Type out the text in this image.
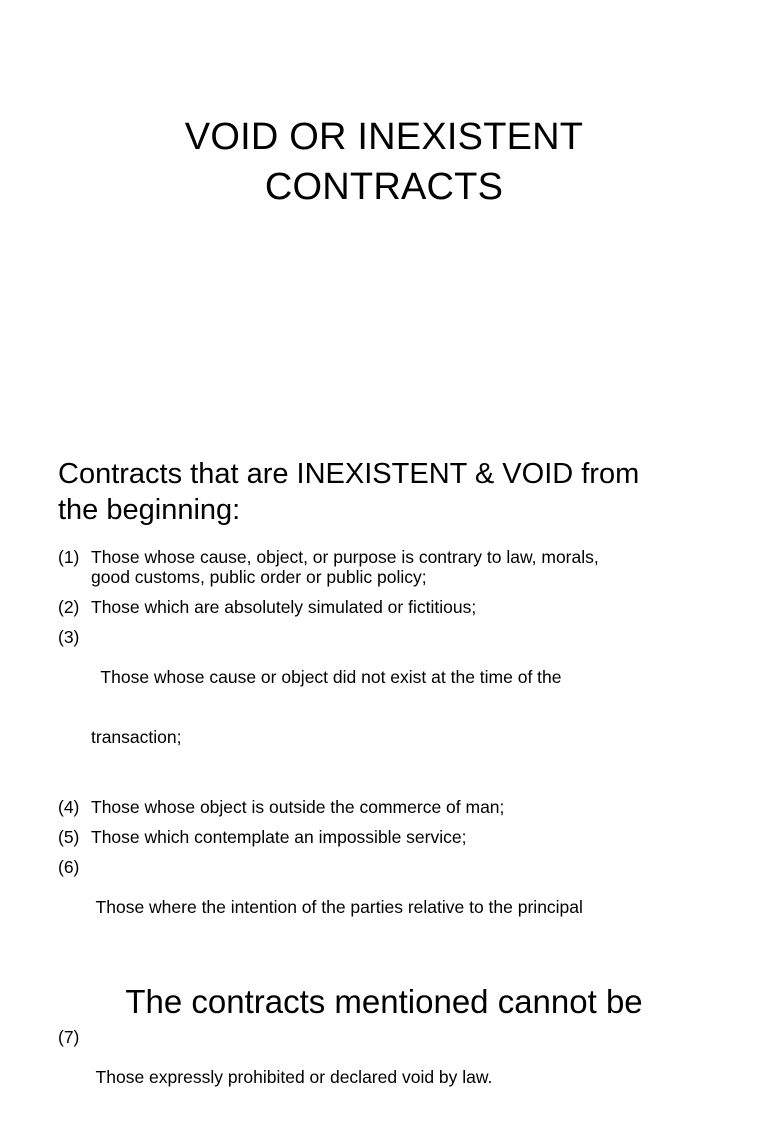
VOID OR INEXISTENT
CONTRACTS
Contracts that are INEXISTENT & VOID from
the beginning:
(1) Those whose cause, object, or purpose is contrary to law, morals,
good customs, public order or public policy;
(2) Those which are absolutely simulated or fictitious;
(3)

Those whose cause or object did not exist at the time of the

transaction;

(4) Those whose object is outside the commerce of man;
(5) Those which contemplate an impossible service;
(6)

Those where the intention of the parties relative to the principal

(7)

Those expressly prohibited or declared void by law.

The contracts mentioned cannot be
